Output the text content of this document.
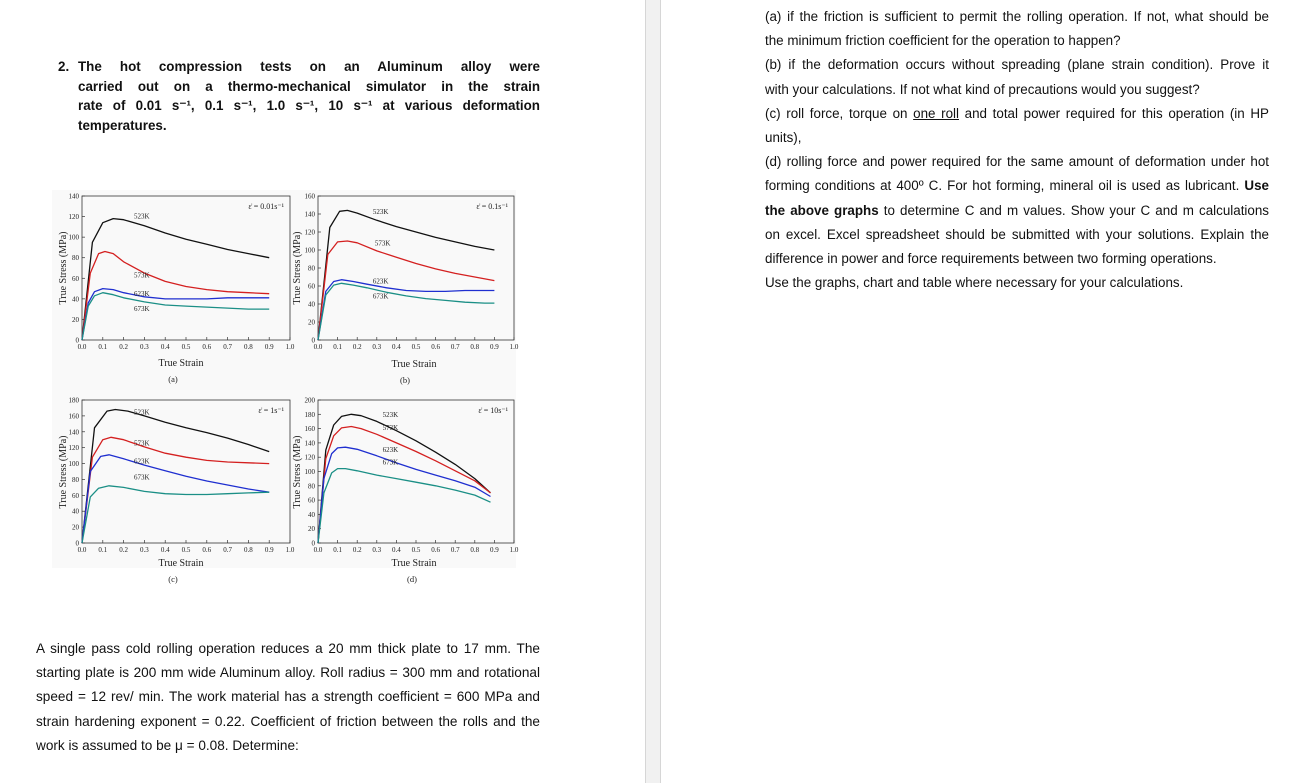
2. The hot compression tests on an Aluminum alloy were
carried out on a thermo-mechanical simulator in the strain
rate of 0.01 s⁻¹, 0.1 s⁻¹, 1.0 s⁻¹, 10 s⁻¹ at various deformation
temperatures.
0.0 0.1 0.2 0.3 0.4 0.5 0.6 0.7 0.8 0.9 1.0
0
20
40
60
80
100
120
140
True Strain
(a)
True Stress (MPa)
ε̇ = 0.01s⁻¹
523K
573K
623K
673K
0.0 0.1 0.2 0.3 0.4 0.5 0.6 0.7 0.8 0.9 1.0
0
20
40
60
80
100
120
140
160
True Strain
(b)
True Stress (MPa)
ε̇ = 0.1s⁻¹
523K
573K
623K
673K
0.0 0.1 0.2 0.3 0.4 0.5 0.6 0.7 0.8 0.9 1.0
0
20
40
60
80
100
120
140
160
180
True Strain
(c)
True Stress (MPa)
ε̇ = 1s⁻¹
523K
573K
623K
673K
0.0 0.1 0.2 0.3 0.4 0.5 0.6 0.7 0.8 0.9 1.0
0
20
40
60
80
100
120
140
160
180
200
True Strain
(d)
True Stress (MPa)
ε̇ = 10s⁻¹
523K
573K
623K
673K
A single pass cold rolling operation reduces a 20 mm thick plate to 17 mm. The
starting plate is 200 mm wide Aluminum alloy. Roll radius = 300 mm and rotational
speed = 12 rev/ min. The work material has a strength coefficient = 600 MPa and
strain hardening exponent = 0.22. Coefficient of friction between the rolls and the
work is assumed to be μ = 0.08. Determine:
(a) if the friction is sufficient to permit the rolling operation. If not, what should be
the minimum friction coefficient for the operation to happen?
(b) if the deformation occurs without spreading (plane strain condition). Prove it
with your calculations. If not what kind of precautions would you suggest?
(c) roll force, torque on one roll and total power required for this operation (in HP
units),
(d) rolling force and power required for the same amount of deformation under hot
forming conditions at 400º C. For hot forming, mineral oil is used as lubricant. Use
the above graphs to determine C and m values. Show your C and m calculations
on excel. Excel spreadsheet should be submitted with your solutions. Explain the
difference in power and force requirements between two forming operations.
Use the graphs, chart and table where necessary for your calculations.
